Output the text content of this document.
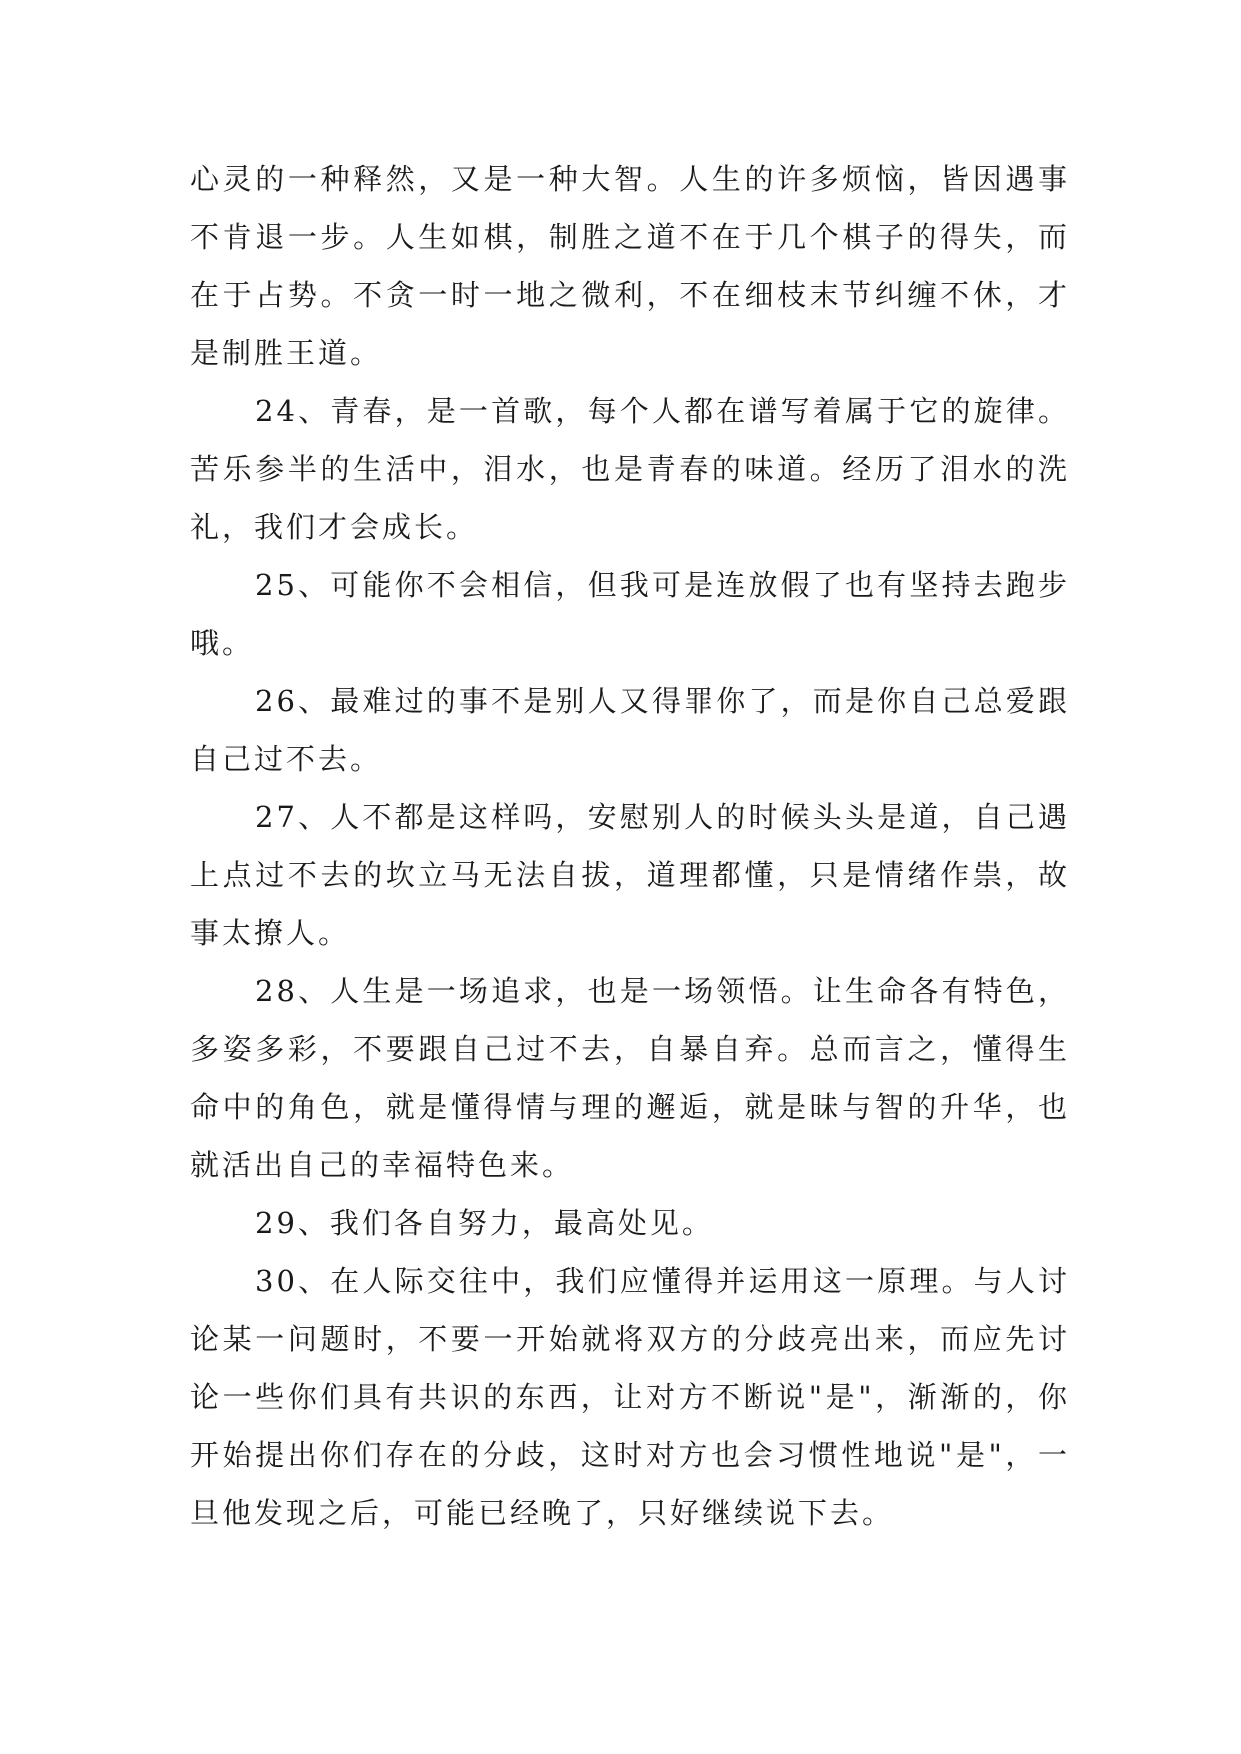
心灵的一种释然，又是一种大智。人生的许多烦恼，皆因遇事不肯退一步。人生如棋，制胜之道不在于几个棋子的得失，而在于占势。不贪一时一地之微利，不在细枝末节纠缠不休，才是制胜王道。

24、青春，是一首歌，每个人都在谱写着属于它的旋律。苦乐参半的生活中，泪水，也是青春的味道。经历了泪水的洗礼，我们才会成长。

25、可能你不会相信，但我可是连放假了也有坚持去跑步哦。

26、最难过的事不是别人又得罪你了，而是你自己总爱跟自己过不去。

27、人不都是这样吗，安慰别人的时候头头是道，自己遇上点过不去的坎立马无法自拔，道理都懂，只是情绪作祟，故事太撩人。

28、人生是一场追求，也是一场领悟。让生命各有特色，多姿多彩，不要跟自己过不去，自暴自弃。总而言之，懂得生命中的角色，就是懂得情与理的邂逅，就是昧与智的升华，也就活出自己的幸福特色来。

29、我们各自努力，最高处见。

30、在人际交往中，我们应懂得并运用这一原理。与人讨论某一问题时，不要一开始就将双方的分歧亮出来，而应先讨论一些你们具有共识的东西，让对方不断说"是"，渐渐的，你开始提出你们存在的分歧，这时对方也会习惯性地说"是"，一旦他发现之后，可能已经晚了，只好继续说下去。
